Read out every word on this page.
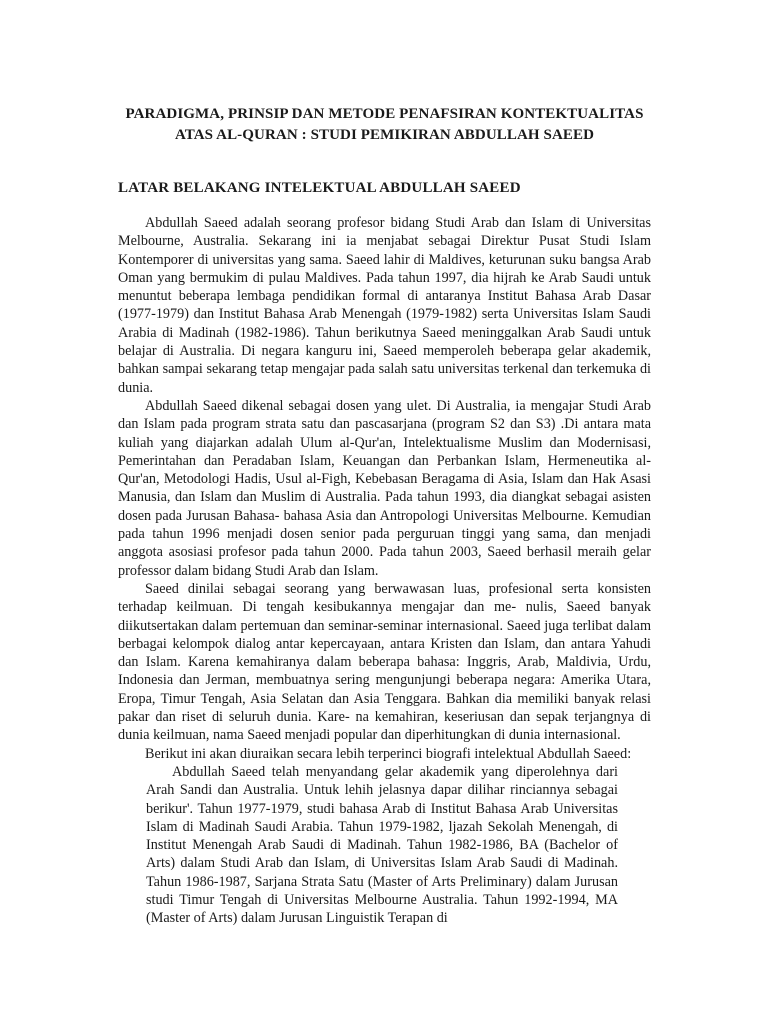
PARADIGMA, PRINSIP DAN METODE PENAFSIRAN KONTEKTUALITAS
ATAS AL-QURAN : STUDI PEMIKIRAN ABDULLAH SAEED

LATAR BELAKANG INTELEKTUAL ABDULLAH SAEED

Abdullah Saeed adalah seorang profesor bidang Studi Arab dan Islam di Universitas Melbourne, Australia. Sekarang ini ia menjabat sebagai Direktur Pusat Studi Islam Kontemporer di universitas yang sama. Saeed lahir di Maldives, keturunan suku bangsa Arab Oman yang bermukim di pulau Maldives. Pada tahun 1997, dia hijrah ke Arab Saudi untuk menuntut beberapa lembaga pendidikan formal di antaranya Institut Bahasa Arab Dasar (1977-1979) dan Institut Bahasa Arab Menengah (1979-1982) serta Universitas Islam Saudi Arabia di Madinah (1982-1986). Tahun berikutnya Saeed meninggalkan Arab Saudi untuk belajar di Australia. Di negara kanguru ini, Saeed memperoleh beberapa gelar akademik, bahkan sampai sekarang tetap mengajar pada salah satu universitas terkenal dan terkemuka di dunia.

Abdullah Saeed dikenal sebagai dosen yang ulet. Di Australia, ia mengajar Studi Arab dan Islam pada program strata satu dan pascasarjana (program S2 dan S3) .Di antara mata kuliah yang diajarkan adalah Ulum al-Qur'an, Intelektualisme Muslim dan Modernisasi, Pemerintahan dan Peradaban Islam, Keuangan dan Perbankan Islam, Hermeneutika al- Qur'an, Metodologi Hadis, Usul al-Figh, Kebebasan Beragama di Asia, Islam dan Hak Asasi Manusia, dan Islam dan Muslim di Australia. Pada tahun 1993, dia diangkat sebagai asisten dosen pada Jurusan Bahasa- bahasa Asia dan Antropologi Universitas Melbourne. Kemudian pada tahun 1996 menjadi dosen senior pada perguruan tinggi yang sama, dan menjadi anggota asosiasi profesor pada tahun 2000. Pada tahun 2003, Saeed berhasil meraih gelar professor dalam bidang Studi Arab dan Islam.

Saeed dinilai sebagai seorang yang berwawasan luas, profesional serta konsisten terhadap keilmuan. Di tengah kesibukannya mengajar dan me- nulis, Saeed banyak diikutsertakan dalam pertemuan dan seminar-seminar internasional. Saeed juga terlibat dalam berbagai kelompok dialog antar kepercayaan, antara Kristen dan Islam, dan antara Yahudi dan Islam. Karena kemahiranya dalam beberapa bahasa: Inggris, Arab, Maldivia, Urdu, Indonesia dan Jerman, membuatnya sering mengunjungi beberapa negara: Amerika Utara, Eropa, Timur Tengah, Asia Selatan dan Asia Tenggara. Bahkan dia memiliki banyak relasi pakar dan riset di seluruh dunia. Kare- na kemahiran, keseriusan dan sepak terjangnya di dunia keilmuan, nama Saeed menjadi popular dan diperhitungkan di dunia internasional.

Berikut ini akan diuraikan secara lebih terperinci biografi intelektual Abdullah Saeed:

Abdullah Saeed telah menyandang gelar akademik yang diperolehnya dari Arah Sandi dan Australia. Untuk lehih jelasnya dapar dilihar rinciannya sebagai berikur'. Tahun 1977-1979, studi bahasa Arab di Institut Bahasa Arab Universitas Islam di Madinah Saudi Arabia. Tahun 1979-1982, ljazah Sekolah Menengah, di Institut Menengah Arab Saudi di Madinah. Tahun 1982-1986, BA (Bachelor of Arts) dalam Studi Arab dan Islam, di Universitas Islam Arab Saudi di Madinah. Tahun 1986-1987, Sarjana Strata Satu (Master of Arts Preliminary) dalam Jurusan studi Timur Tengah di Universitas Melbourne Australia. Tahun 1992-1994, MA (Master of Arts) dalam Jurusan Linguistik Terapan di
